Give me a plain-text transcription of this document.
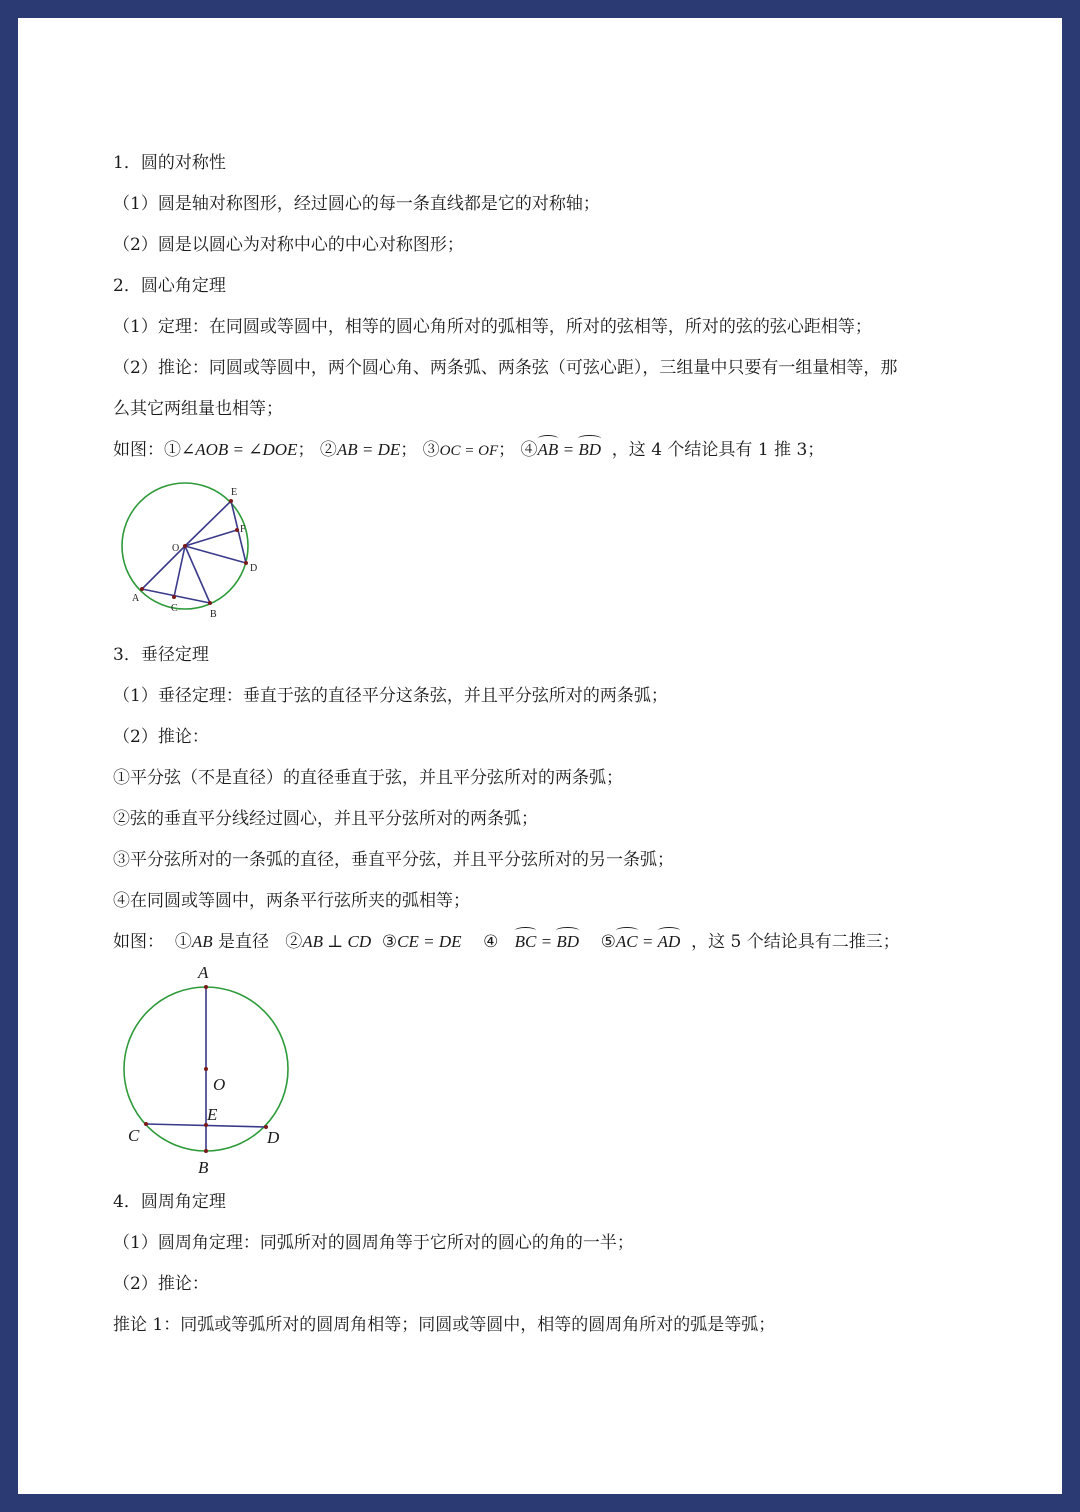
1．圆的对称性
（1）圆是轴对称图形，经过圆心的每一条直线都是它的对称轴；
（2）圆是以圆心为对称中心的中心对称图形；
2．圆心角定理
（1）定理：在同圆或等圆中，相等的圆心角所对的弧相等，所对的弦相等，所对的弦的弦心距相等；
（2）推论：同圆或等圆中，两个圆心角、两条弧、两条弦（可弦心距），三组量中只要有一组量相等，那
么其它两组量也相等；
如图：①∠AOB = ∠DOE； ②AB = DE； ③OC = OF； ④AB = BD ，这 4 个结论具有 1 推 3；
O
A
B
C
D
E
F
3．垂径定理
（1）垂径定理：垂直于弦的直径平分这条弦，并且平分弦所对的两条弧；
（2）推论：
①平分弦（不是直径）的直径垂直于弦，并且平分弦所对的两条弧；
②弦的垂直平分线经过圆心，并且平分弦所对的两条弧；
③平分弦所对的一条弧的直径，垂直平分弦，并且平分弦所对的另一条弧；
④在同圆或等圆中，两条平行弦所夹的弧相等；
如图： ①AB 是直径 ②AB ⊥ CD ③CE = DE ④ BC = BD ⑤AC = AD ，这 5 个结论具有二推三；
A
O
E
B
C	D
4．圆周角定理
（1）圆周角定理：同弧所对的圆周角等于它所对的圆心的角的一半；
（2）推论：
推论 1：同弧或等弧所对的圆周角相等；同圆或等圆中，相等的圆周角所对的弧是等弧；
